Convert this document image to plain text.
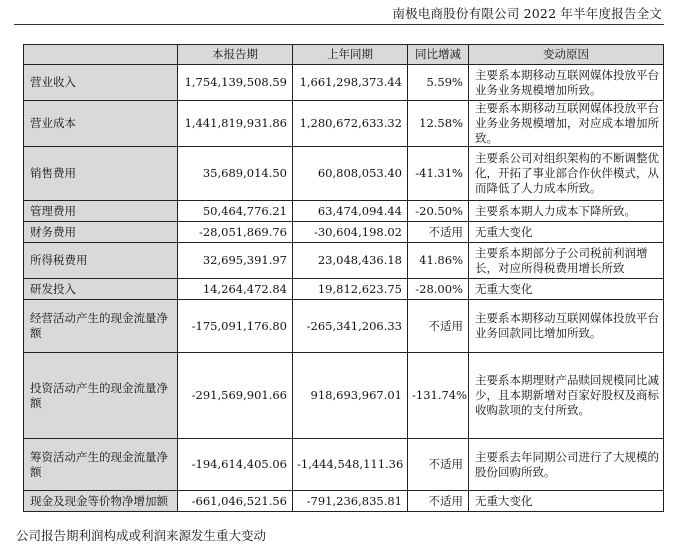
南极电商股份有限公司 2022 年半年度报告全文
	本报告期	上年同期	同比增减	变动原因
营业收入	1,754,139,508.59	1,661,298,373.44	5.59%	主要系本期移动互联网媒体投放平台业务业务规模增加所致。
营业成本	1,441,819,931.86	1,280,672,633.32	12.58%	主要系本期移动互联网媒体投放平台业务业务规模增加，对应成本增加所致。
销售费用	35,689,014.50	60,808,053.40	-41.31%	主要系公司对组织架构的不断调整优化，开拓了事业部合作伙伴模式，从而降低了人力成本所致。
管理费用	50,464,776.21	63,474,094.44	-20.50%	主要系本期人力成本下降所致。
财务费用	-28,051,869.76	-30,604,198.02	不适用	无重大变化
所得税费用	32,695,391.97	23,048,436.18	41.86%	主要系本期部分子公司税前利润增长，对应所得税费用增长所致
研发投入	14,264,472.84	19,812,623.75	-28.00%	无重大变化
经营活动产生的现金流量净额	-175,091,176.80	-265,341,206.33	不适用	主要系本期移动互联网媒体投放平台业务回款同比增加所致。
投资活动产生的现金流量净额	-291,569,901.66	918,693,967.01	-131.74%	主要系本期理财产品赎回规模同比减少，且本期新增对百家好股权及商标收购款项的支付所致。
筹资活动产生的现金流量净额	-194,614,405.06	-1,444,548,111.36	不适用	主要系去年同期公司进行了大规模的股份回购所致。
现金及现金等价物净增加额	-661,046,521.56	-791,236,835.81	不适用	无重大变化
公司报告期利润构成或利润来源发生重大变动
